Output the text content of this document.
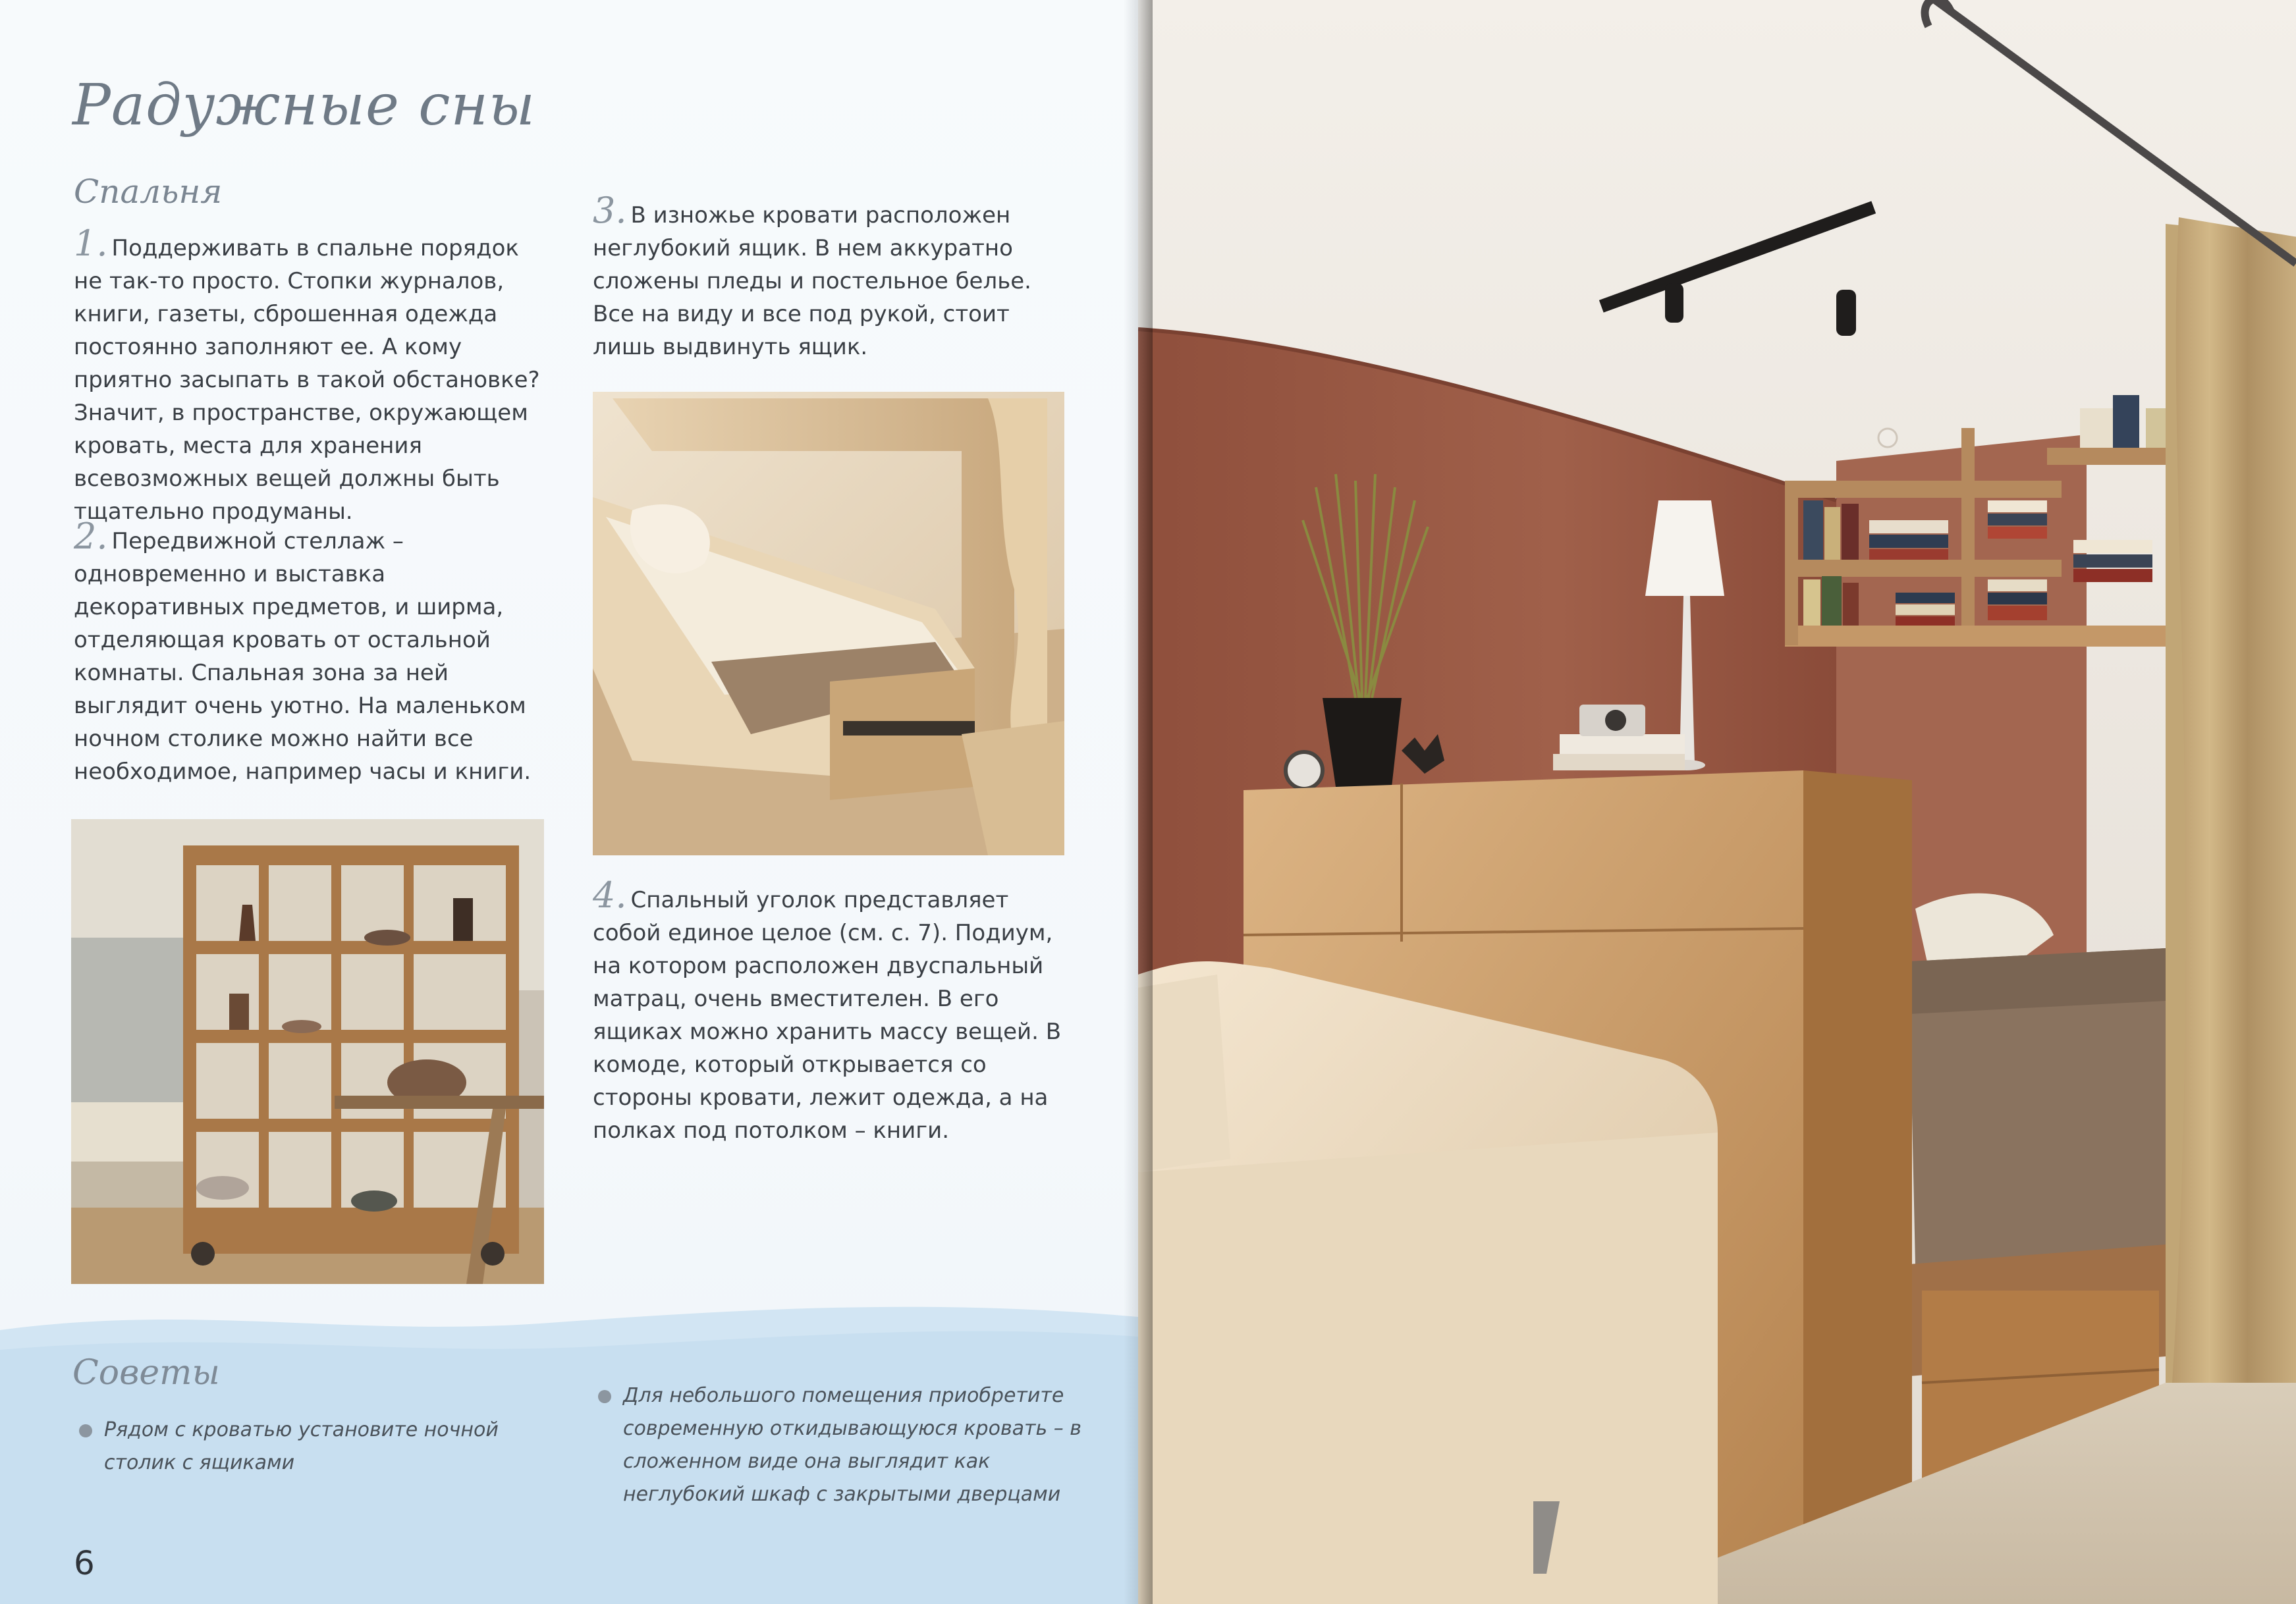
Радужные сны
Спальня

1. Поддерживать в спальне порядок не так-то просто. Стопки журналов, книги, газеты, сброшенная одежда постоянно заполняют ее. А кому приятно засыпать в такой обстановке? Значит, в пространстве, окружающем кровать, места для хранения всевозможных вещей должны быть тщательно продуманы.

2. Передвижной стеллаж – одновременно и выставка декоративных предметов, и ширма, отделяющая кровать от остальной комнаты. Спальная зона за ней выглядит очень уютно. На маленьком ночном столике можно найти все необходимое, например часы и книги.

3. В изножье кровати расположен неглубокий ящик. В нем аккуратно сложены пледы и постельное белье. Все на виду и все под рукой, стоит лишь выдвинуть ящик.

4. Спальный уголок представляет собой единое целое (см. с. 7). Подиум, на котором расположен двуспальный матрац, очень вместителен. В его ящиках можно хранить массу вещей. В комоде, который открывается со стороны кровати, лежит одежда, а на полках под потолком – книги.

Советы

Рядом с кроватью установите ночной столик с ящиками

Для небольшого помещения приобретите современную откидывающуюся кровать – в сложенном виде она выглядит как неглубокий шкаф с закрытыми дверцами

6
